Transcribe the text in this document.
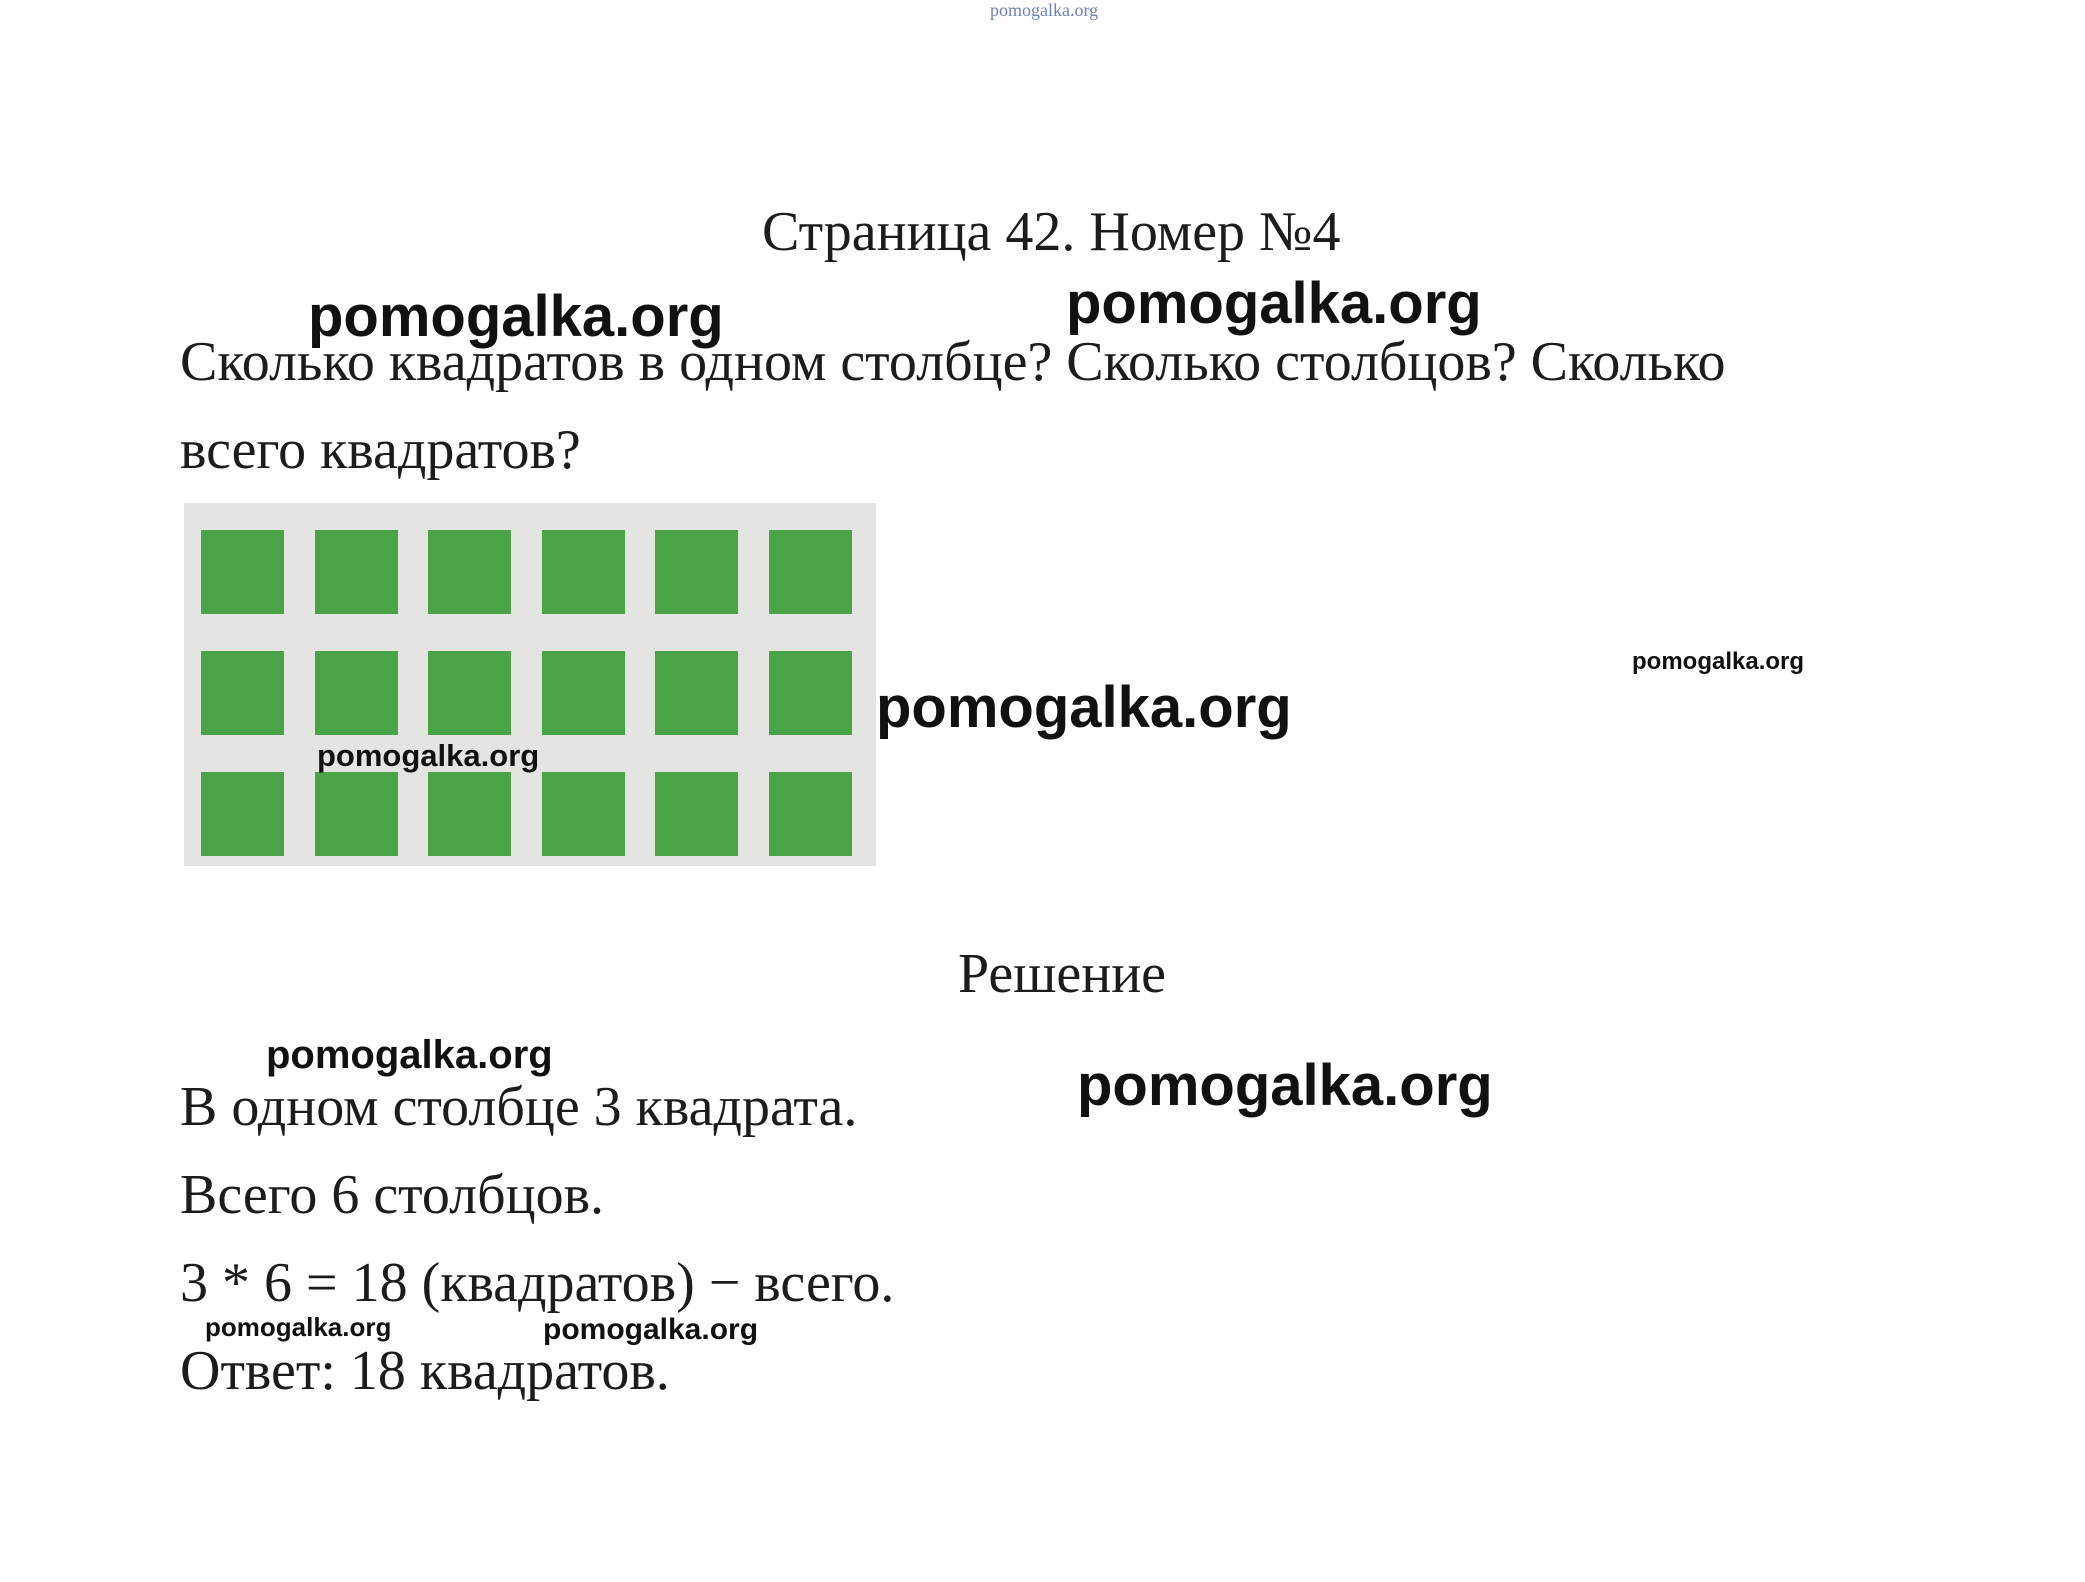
pomogalka.org
Страница 42. Номер №4
Сколько квадратов в одном столбце? Сколько столбцов? Сколько
всего квадратов?
Решение
В одном столбце 3 квадрата.
Всего 6 столбцов.
3 * 6 = 18 (квадратов) − всего.
Ответ: 18 квадратов.
pomogalka.org	pomogalka.org
pomogalka.org
pomogalka.org
pomogalka.org
pomogalka.org	pomogalka.org
pomogalka.org	pomogalka.org
